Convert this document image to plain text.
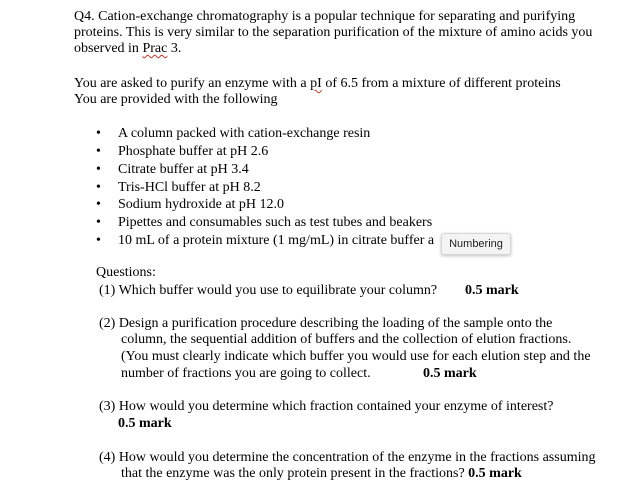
Q4. Cation-exchange chromatography is a popular technique for separating and purifying
proteins. This is very similar to the separation purification of the mixture of amino acids you
observed in Prac 3.
You are asked to purify an enzyme with a pI of 6.5 from a mixture of different proteins
You are provided with the following
• A column packed with cation-exchange resin
• Phosphate buffer at pH 2.6
• Citrate buffer at pH 3.4
• Tris-HCl buffer at pH 8.2
• Sodium hydroxide at pH 12.0
• Pipettes and consumables such as test tubes and beakers
• 10 mL of a protein mixture (1 mg/mL) in citrate buffer a	Numbering
Questions:
(1) Which buffer would you use to equilibrate your column? 0.5 mark
(2) Design a purification procedure describing the loading of the sample onto the
column, the sequential addition of buffers and the collection of elution fractions.
(You must clearly indicate which buffer you would use for each elution step and the
number of fractions you are going to collect.	0.5 mark
(3) How would you determine which fraction contained your enzyme of interest?
0.5 mark
(4) How would you determine the concentration of the enzyme in the fractions assuming
that the enzyme was the only protein present in the fractions? 0.5 mark
